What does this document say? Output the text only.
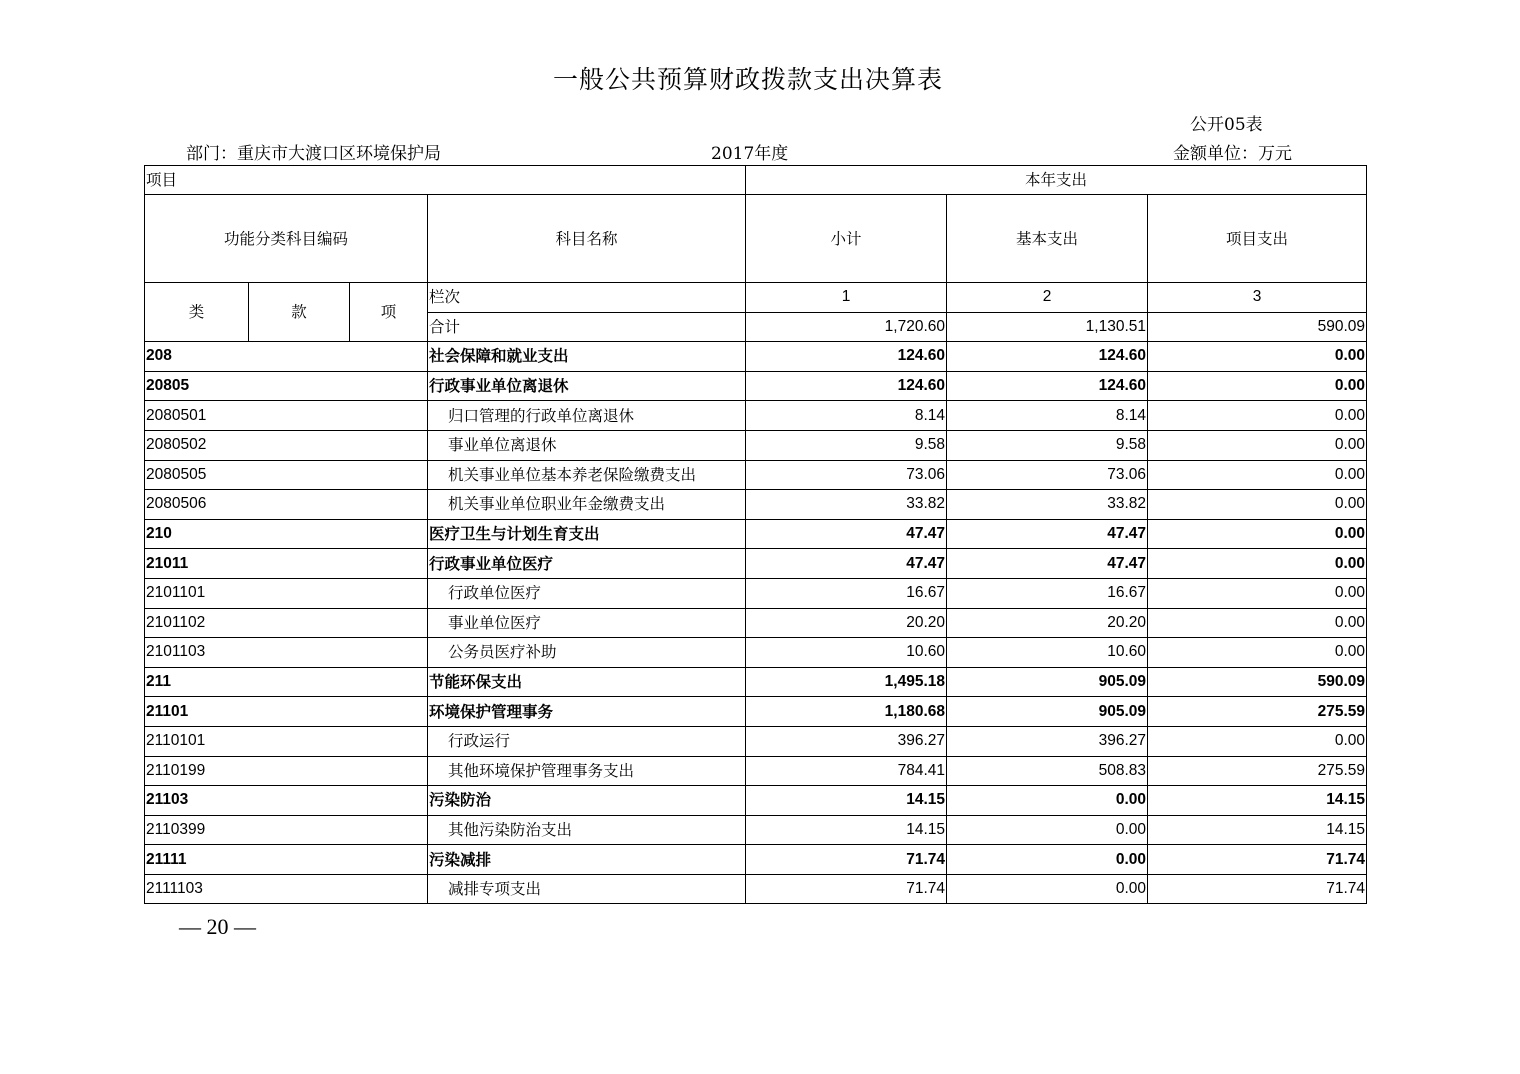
一般公共预算财政拨款支出决算表
公开05表
部门：重庆市大渡口区环境保护局	2017年度	金额单位：万元
项目				本年支出		
功能分类科目编码			科目名称	小计	基本支出	项目支出
类	款	项	栏次	1	2	3
			合计	1,720.60	1,130.51	590.09
208			社会保障和就业支出	124.60	124.60	0.00
20805			行政事业单位离退休	124.60	124.60	0.00
2080501			归口管理的行政单位离退休	8.14	8.14	0.00
2080502			事业单位离退休	9.58	9.58	0.00
2080505			机关事业单位基本养老保险缴费支出	73.06	73.06	0.00
2080506			机关事业单位职业年金缴费支出	33.82	33.82	0.00
210			医疗卫生与计划生育支出	47.47	47.47	0.00
21011			行政事业单位医疗	47.47	47.47	0.00
2101101			行政单位医疗	16.67	16.67	0.00
2101102			事业单位医疗	20.20	20.20	0.00
2101103			公务员医疗补助	10.60	10.60	0.00
211			节能环保支出	1,495.18	905.09	590.09
21101			环境保护管理事务	1,180.68	905.09	275.59
2110101			行政运行	396.27	396.27	0.00
2110199			其他环境保护管理事务支出	784.41	508.83	275.59
21103			污染防治	14.15	0.00	14.15
2110399			其他污染防治支出	14.15	0.00	14.15
21111			污染减排	71.74	0.00	71.74
2111103			减排专项支出	71.74	0.00	71.74
— 20 —
